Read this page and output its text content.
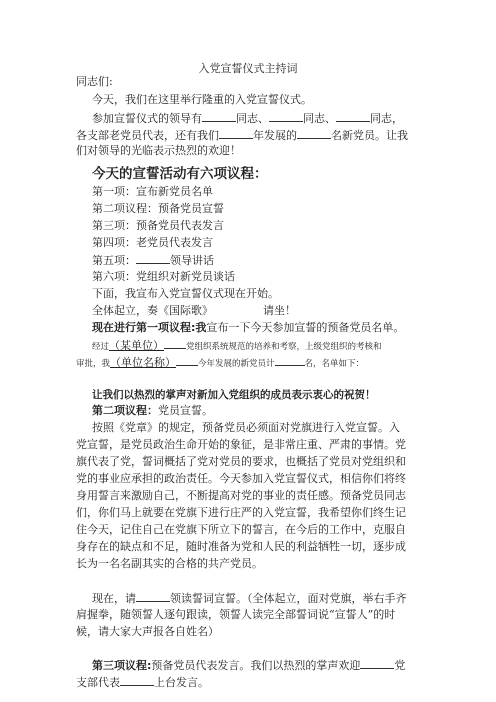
入党宣誓仪式主持词
同志们:
今天，我们在这里举行隆重的入党宣誓仪式。
参加宣誓仪式的领导有	同志、	同志、	同志，
各支部老党员代表，还有我们	年发展的	名新党员。让我
们对领导的光临表示热烈的欢迎！
今天的宣誓活动有六项议程：
第一项：宣布新党员名单
第二项议程：预备党员宣誓
第三项：预备党员代表发言
第四项：老党员代表发言
第五项：	领导讲话
第六项：党组织对新党员谈话
下面，我宣布入党宣誓仪式现在开始。
全体起立，奏《国际歌》	请坐！
现在进行第一项议程:我宣布一下今天参加宣誓的预备党员名单。
经过（某单位）	党组织系统规范的培养和考察，上级党组织的考核和
审批，我（单位名称）	今年发展的新党员计	名，名单如下：
让我们以热烈的掌声对新加入党组织的成员表示衷心的祝贺！
第二项议程：党员宣誓。
按照《党章》的规定，预备党员必须面对党旗进行入党宣誓。入
党宣誓，是党员政治生命开始的象征，是非常庄重、严肃的事情。党
旗代表了党，誓词概括了党对党员的要求，也概括了党员对党组织和
党的事业应承担的政治责任。今天参加入党宣誓仪式，相信你们将终
身用誓言来激励自己，不断提高对党的事业的责任感。预备党员同志
们，你们马上就要在党旗下进行庄严的入党宣誓，我希望你们终生记
住今天，记住自己在党旗下所立下的誓言，在今后的工作中，克服自
身存在的缺点和不足，随时准备为党和人民的利益牺牲一切，逐步成
长为一名名副其实的合格的共产党员。
现在，请	领读誓词宣誓。（全体起立，面对党旗，举右手齐
肩握拳，随领誓人逐句跟读，领誓人读完全部誓词说“宣誓人”的时
候，请大家大声报各自姓名）
第三项议程:预备党员代表发言。我们以热烈的掌声欢迎	党
支部代表	上台发言。
